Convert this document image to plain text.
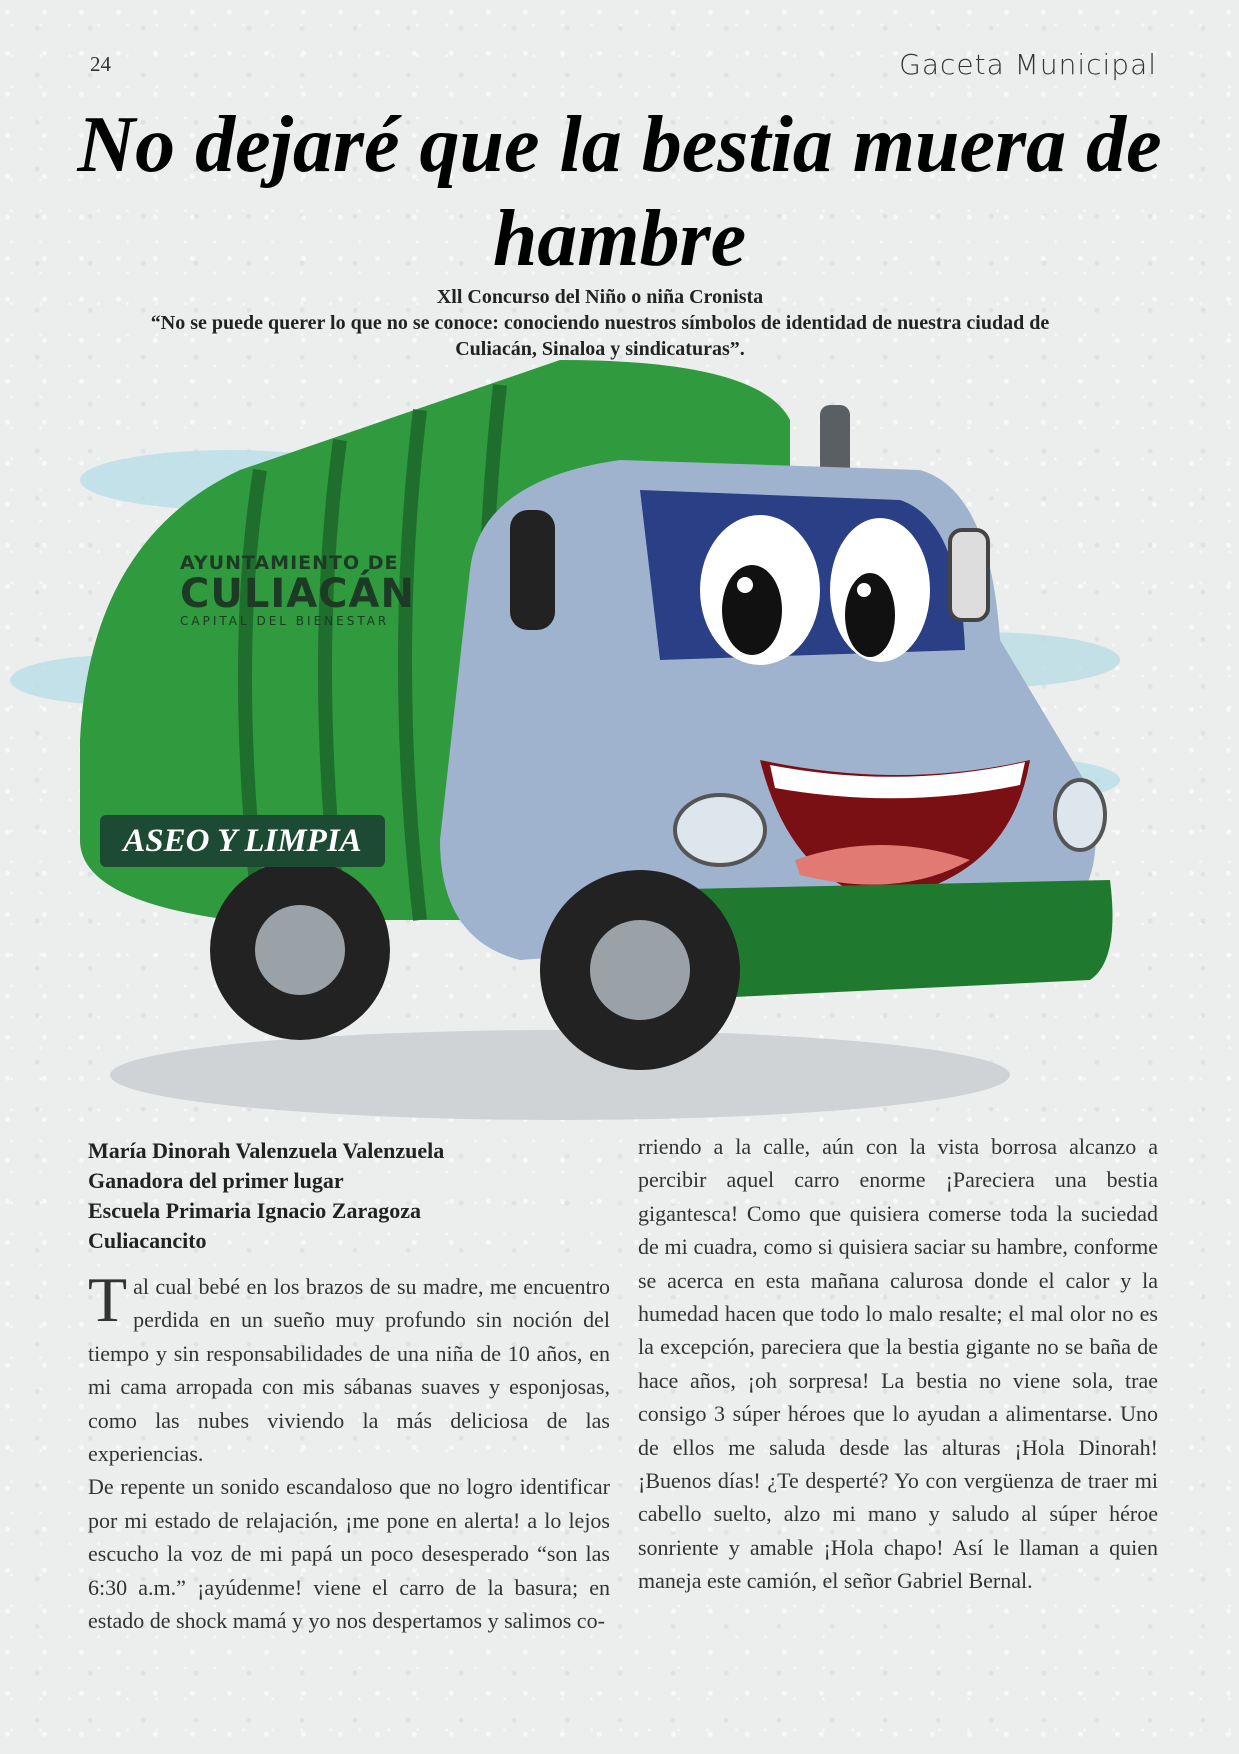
24	Gaceta Municipal
No dejaré que la bestia muera de hambre
Xll Concurso del Niño o niña Cronista
“No se puede querer lo que no se conoce: conociendo nuestros símbolos de identidad de nuestra ciudad de Culiacán, Sinaloa y sindicaturas”.
AYUNTAMIENTO DE
CULIACÁN
CAPITAL DEL BIENESTAR
ASEO Y LIMPIA
María Dinorah Valenzuela Valenzuela
Ganadora del primer lugar
Escuela Primaria Ignacio Zaragoza
Culiacancito

Tal cual bebé en los brazos de su madre, me encuentro perdida en un sueño muy profundo sin noción del tiempo y sin responsabilidades de una niña de 10 años, en mi cama arropada con mis sábanas suaves y esponjosas, como las nubes viviendo la más deliciosa de las experiencias.

De repente un sonido escandaloso que no logro identificar por mi estado de relajación, ¡me pone en alerta! a lo lejos escucho la voz de mi papá un poco desesperado “son las 6:30 a.m.” ¡ayúdenme! viene el carro de la basura; en estado de shock mamá y yo nos despertamos y salimos co-

rriendo a la calle, aún con la vista borrosa alcanzo a percibir aquel carro enorme ¡Pareciera una bestia gigantesca! Como que quisiera comerse toda la suciedad de mi cuadra, como si quisiera saciar su hambre, conforme se acerca en esta mañana calurosa donde el calor y la humedad hacen que todo lo malo resalte; el mal olor no es la excepción, pareciera que la bestia gigante no se baña de hace años, ¡oh sorpresa! La bestia no viene sola, trae consigo 3 súper héroes que lo ayudan a alimentarse. Uno de ellos me saluda desde las alturas ¡Hola Dinorah! ¡Buenos días! ¿Te desperté? Yo con vergüenza de traer mi cabello suelto, alzo mi mano y saludo al súper héroe sonriente y amable ¡Hola chapo! Así le llaman a quien maneja este camión, el señor Gabriel Bernal.
